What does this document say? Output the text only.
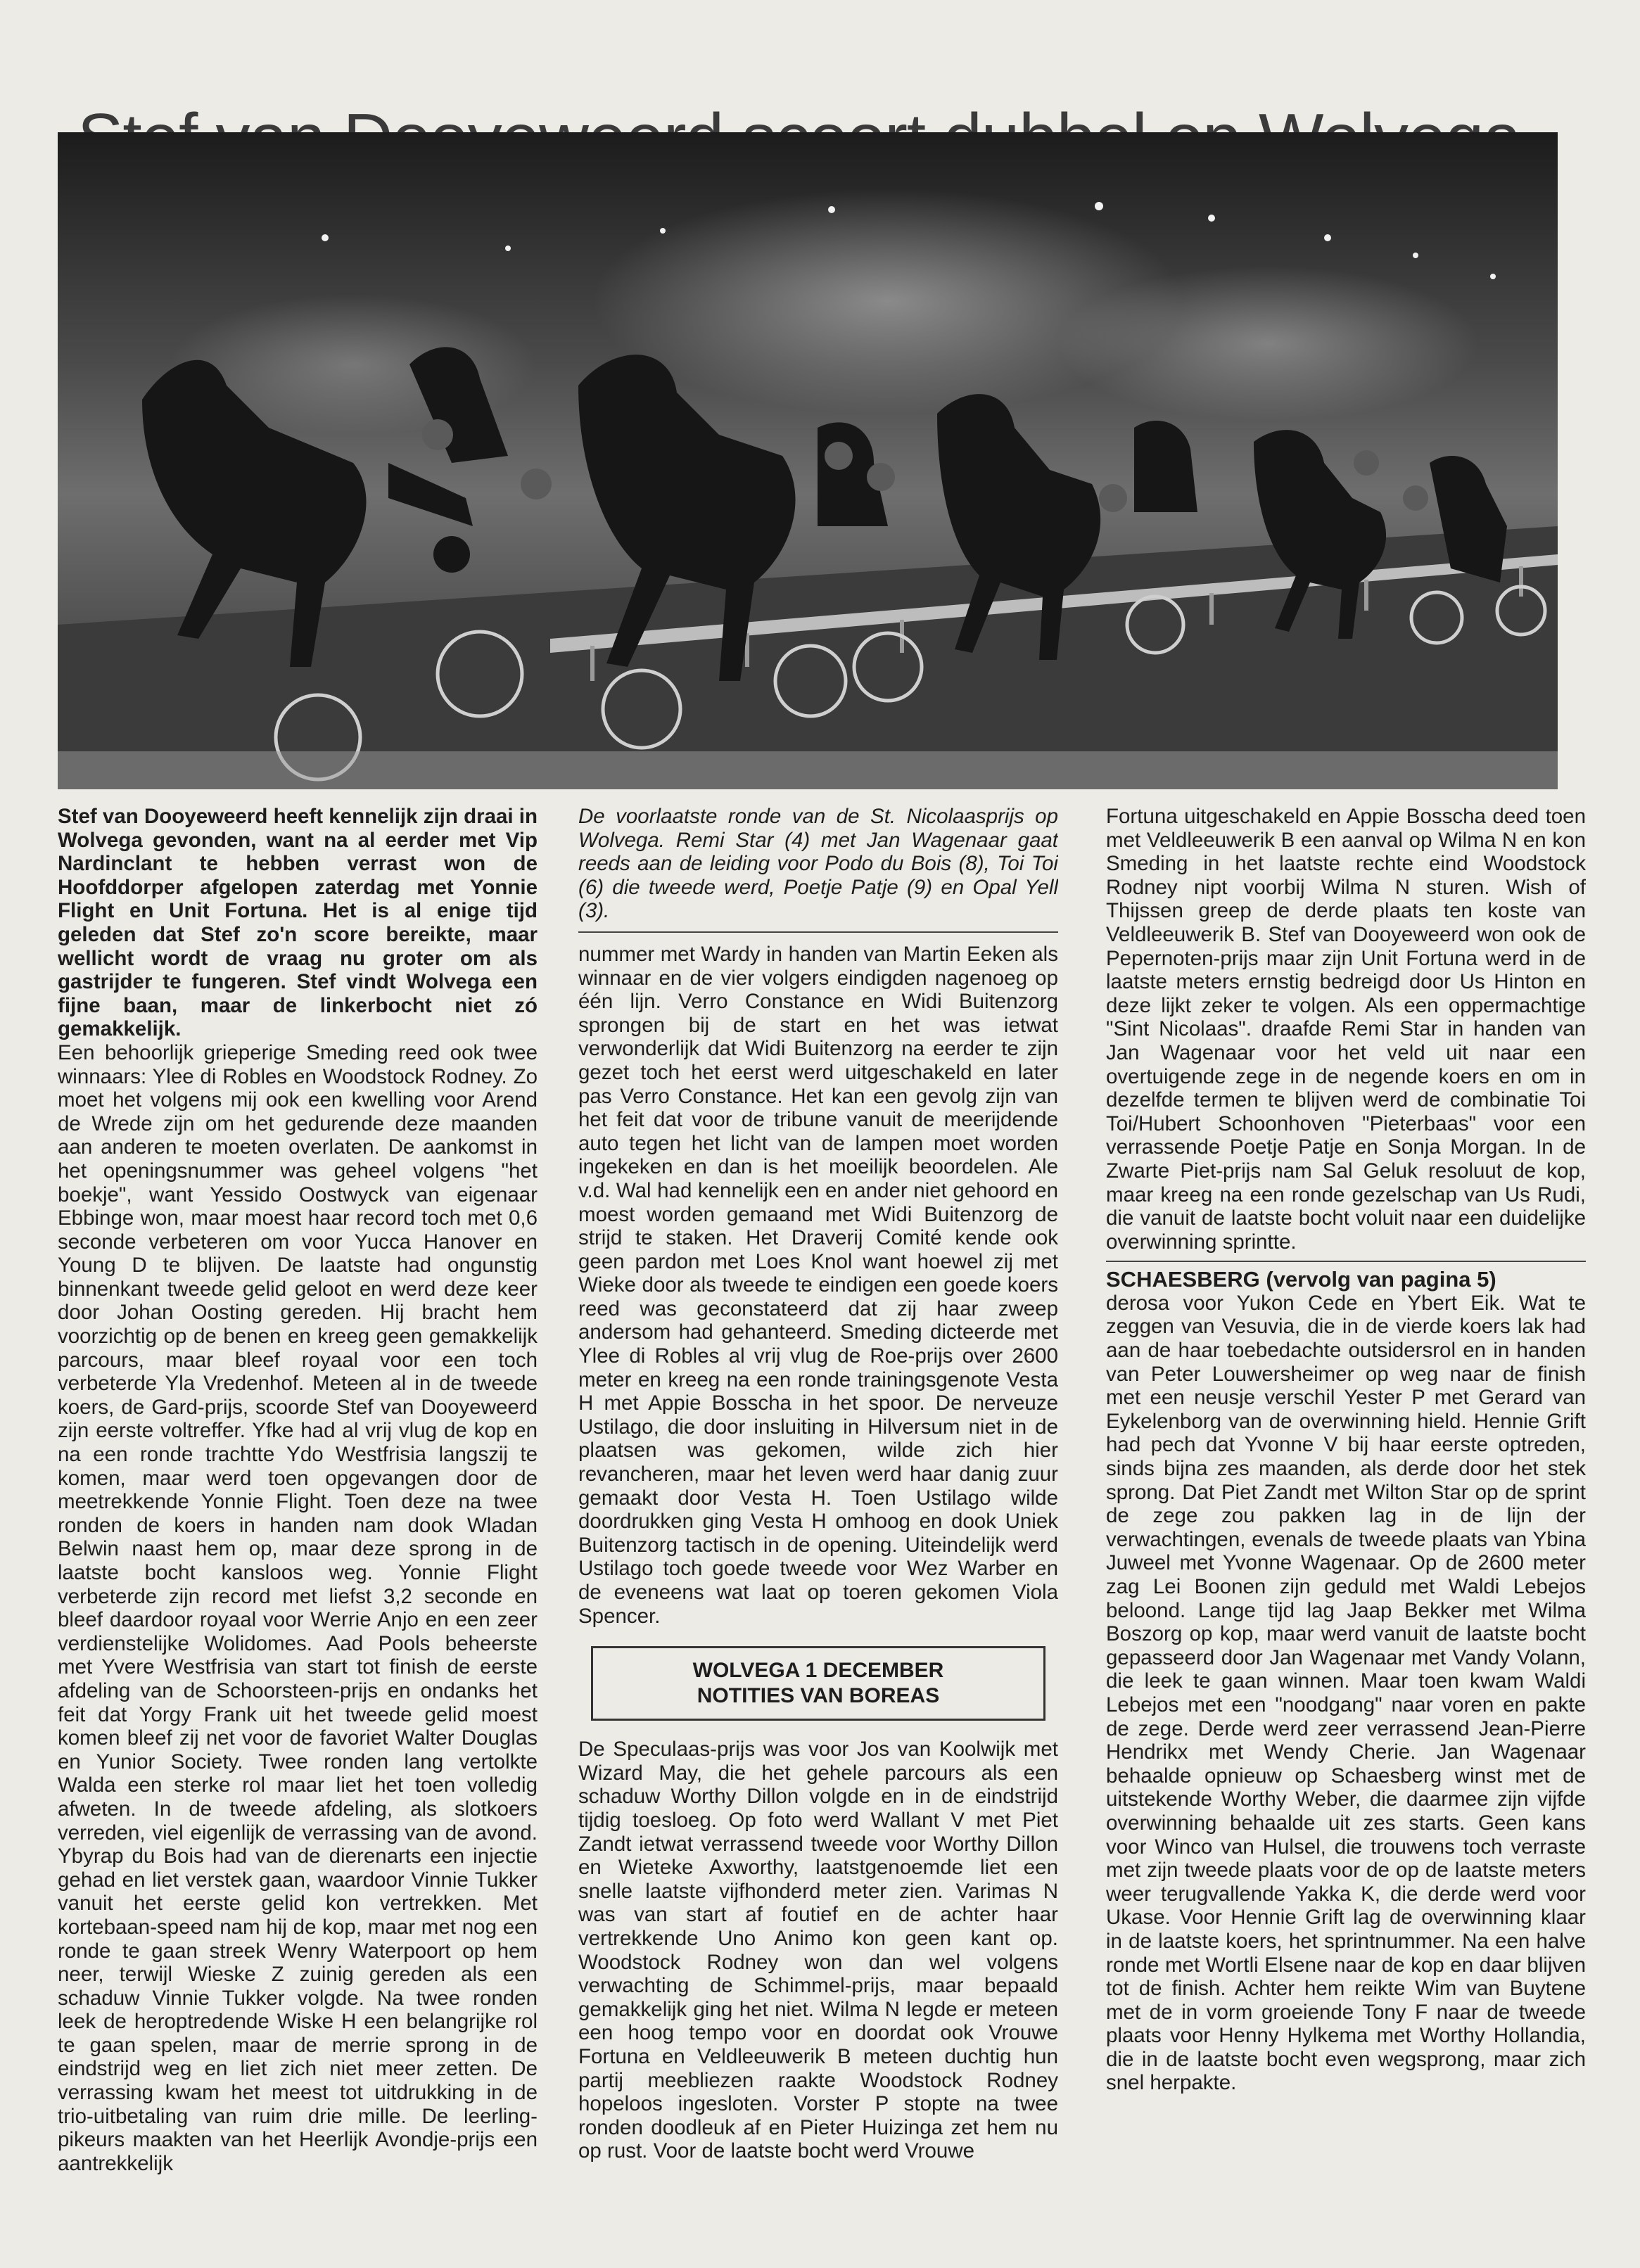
Stef van Dooyeweerd heeft kennelijk zijn draai in Wolvega gevonden, want na al eerder met Vip Nardinclant te hebben verrast won de Hoofddorper afgelopen zaterdag met Yonnie Flight en Unit Fortuna. Het is al enige tijd geleden dat Stef zo'n score bereikte, maar wellicht wordt de vraag nu groter om als gastrijder te fungeren. Stef vindt Wolvega een fijne baan, maar de linkerbocht niet zó gemakkelijk.

Een behoorlijk grieperige Smeding reed ook twee winnaars: Ylee di Robles en Woodstock Rodney. Zo moet het volgens mij ook een kwelling voor Arend de Wrede zijn om het gedurende deze maanden aan anderen te moeten overlaten. De aankomst in het openingsnummer was geheel volgens "het boekje", want Yessido Oostwyck van eigenaar Ebbinge won, maar moest haar record toch met 0,6 seconde verbeteren om voor Yucca Hanover en Young D te blijven. De laatste had ongunstig binnenkant tweede gelid geloot en werd deze keer door Johan Oosting gereden. Hij bracht hem voorzichtig op de benen en kreeg geen gemakkelijk parcours, maar bleef royaal voor een toch verbeterde Yla Vredenhof. Meteen al in de tweede koers, de Gard-prijs, scoorde Stef van Dooyeweerd zijn eerste voltreffer. Yfke had al vrij vlug de kop en na een ronde trachtte Ydo Westfrisia langszij te komen, maar werd toen opgevangen door de meetrekkende Yonnie Flight. Toen deze na twee ronden de koers in handen nam dook Wladan Belwin naast hem op, maar deze sprong in de laatste bocht kansloos weg. Yonnie Flight verbeterde zijn record met liefst 3,2 seconde en bleef daardoor royaal voor Werrie Anjo en een zeer verdienstelijke Wolidomes. Aad Pools beheerste met Yvere Westfrisia van start tot finish de eerste afdeling van de Schoorsteen-prijs en ondanks het feit dat Yorgy Frank uit het tweede gelid moest komen bleef zij net voor de favoriet Walter Douglas en Yunior Society. Twee ronden lang vertolkte Walda een sterke rol maar liet het toen volledig afweten. In de tweede afdeling, als slotkoers verreden, viel eigenlijk de verrassing van de avond. Ybyrap du Bois had van de dierenarts een injectie gehad en liet verstek gaan, waardoor Vinnie Tukker vanuit het eerste gelid kon vertrekken. Met kortebaan-speed nam hij de kop, maar met nog een ronde te gaan streek Wenry Waterpoort op hem neer, terwijl Wieske Z zuinig gereden als een schaduw Vinnie Tukker volgde. Na twee ronden leek de heroptredende Wiske H een belangrijke rol te gaan spelen, maar de merrie sprong in de eindstrijd weg en liet zich niet meer zetten. De verrassing kwam het meest tot uitdrukking in de trio-uitbetaling van ruim drie mille. De leerling-pikeurs maakten van het Heerlijk Avondje-prijs een aantrekkelijk

De voorlaatste ronde van de St. Nicolaasprijs op Wolvega. Remi Star (4) met Jan Wagenaar gaat reeds aan de leiding voor Podo du Bois (8), Toi Toi (6) die tweede werd, Poetje Patje (9) en Opal Yell (3).

nummer met Wardy in handen van Martin Eeken als winnaar en de vier volgers eindigden nagenoeg op één lijn. Verro Constance en Widi Buitenzorg sprongen bij de start en het was ietwat verwonderlijk dat Widi Buitenzorg na eerder te zijn gezet toch het eerst werd uitgeschakeld en later pas Verro Constance. Het kan een gevolg zijn van het feit dat voor de tribune vanuit de meerijdende auto tegen het licht van de lampen moet worden ingekeken en dan is het moeilijk beoordelen. Ale v.d. Wal had kennelijk een en ander niet gehoord en moest worden gemaand met Widi Buitenzorg de strijd te staken. Het Draverij Comité kende ook geen pardon met Loes Knol want hoewel zij met Wieke door als tweede te eindigen een goede koers reed was geconstateerd dat zij haar zweep andersom had gehanteerd. Smeding dicteerde met Ylee di Robles al vrij vlug de Roe-prijs over 2600 meter en kreeg na een ronde trainingsgenote Vesta H met Appie Bosscha in het spoor. De nerveuze Ustilago, die door insluiting in Hilversum niet in de plaatsen was gekomen, wilde zich hier revancheren, maar het leven werd haar danig zuur gemaakt door Vesta H. Toen Ustilago wilde doordrukken ging Vesta H omhoog en dook Uniek Buitenzorg tactisch in de opening. Uiteindelijk werd Ustilago toch goede tweede voor Wez Warber en de eveneens wat laat op toeren gekomen Viola Spencer.

WOLVEGA 1 DECEMBER
NOTITIES VAN BOREAS

De Speculaas-prijs was voor Jos van Koolwijk met Wizard May, die het gehele parcours als een schaduw Worthy Dillon volgde en in de eindstrijd tijdig toesloeg. Op foto werd Wallant V met Piet Zandt ietwat verrassend tweede voor Worthy Dillon en Wieteke Axworthy, laatstgenoemde liet een snelle laatste vijfhonderd meter zien. Varimas N was van start af foutief en de achter haar vertrekkende Uno Animo kon geen kant op. Woodstock Rodney won dan wel volgens verwachting de Schimmel-prijs, maar bepaald gemakkelijk ging het niet. Wilma N legde er meteen een hoog tempo voor en doordat ook Vrouwe Fortuna en Veldleeuwerik B meteen duchtig hun partij meebliezen raakte Woodstock Rodney hopeloos ingesloten. Vorster P stopte na twee ronden doodleuk af en Pieter Huizinga zet hem nu op rust. Voor de laatste bocht werd Vrouwe

Fortuna uitgeschakeld en Appie Bosscha deed toen met Veldleeuwerik B een aanval op Wilma N en kon Smeding in het laatste rechte eind Woodstock Rodney nipt voorbij Wilma N sturen. Wish of Thijssen greep de derde plaats ten koste van Veldleeuwerik B. Stef van Dooyeweerd won ook de Pepernoten-prijs maar zijn Unit Fortuna werd in de laatste meters ernstig bedreigd door Us Hinton en deze lijkt zeker te volgen. Als een oppermachtige "Sint Nicolaas". draafde Remi Star in handen van Jan Wagenaar voor het veld uit naar een overtuigende zege in de negende koers en om in dezelfde termen te blijven werd de combinatie Toi Toi/Hubert Schoonhoven "Pieterbaas" voor een verrassende Poetje Patje en Sonja Morgan. In de Zwarte Piet-prijs nam Sal Geluk resoluut de kop, maar kreeg na een ronde gezelschap van Us Rudi, die vanuit de laatste bocht voluit naar een duidelijke overwinning sprintte.

SCHAESBERG (vervolg van pagina 5)

derosa voor Yukon Cede en Ybert Eik. Wat te zeggen van Vesuvia, die in de vierde koers lak had aan de haar toebedachte outsidersrol en in handen van Peter Louwersheimer op weg naar de finish met een neusje verschil Yester P met Gerard van Eykelenborg van de overwinning hield. Hennie Grift had pech dat Yvonne V bij haar eerste optreden, sinds bijna zes maanden, als derde door het stek sprong. Dat Piet Zandt met Wilton Star op de sprint de zege zou pakken lag in de lijn der verwachtingen, evenals de tweede plaats van Ybina Juweel met Yvonne Wagenaar. Op de 2600 meter zag Lei Boonen zijn geduld met Waldi Lebejos beloond. Lange tijd lag Jaap Bekker met Wilma Boszorg op kop, maar werd vanuit de laatste bocht gepasseerd door Jan Wagenaar met Vandy Volann, die leek te gaan winnen. Maar toen kwam Waldi Lebejos met een "noodgang" naar voren en pakte de zege. Derde werd zeer verrassend Jean-Pierre Hendrikx met Wendy Cherie. Jan Wagenaar behaalde opnieuw op Schaesberg winst met de uitstekende Worthy Weber, die daarmee zijn vijfde overwinning behaalde uit zes starts. Geen kans voor Winco van Hulsel, die trouwens toch verraste met zijn tweede plaats voor de op de laatste meters weer terugvallende Yakka K, die derde werd voor Ukase. Voor Hennie Grift lag de overwinning klaar in de laatste koers, het sprintnummer. Na een halve ronde met Wortli Elsene naar de kop en daar blijven tot de finish. Achter hem reikte Wim van Buytene met de in vorm groeiende Tony F naar de tweede plaats voor Henny Hylkema met Worthy Hollandia, die in de laatste bocht even wegsprong, maar zich snel herpakte.
